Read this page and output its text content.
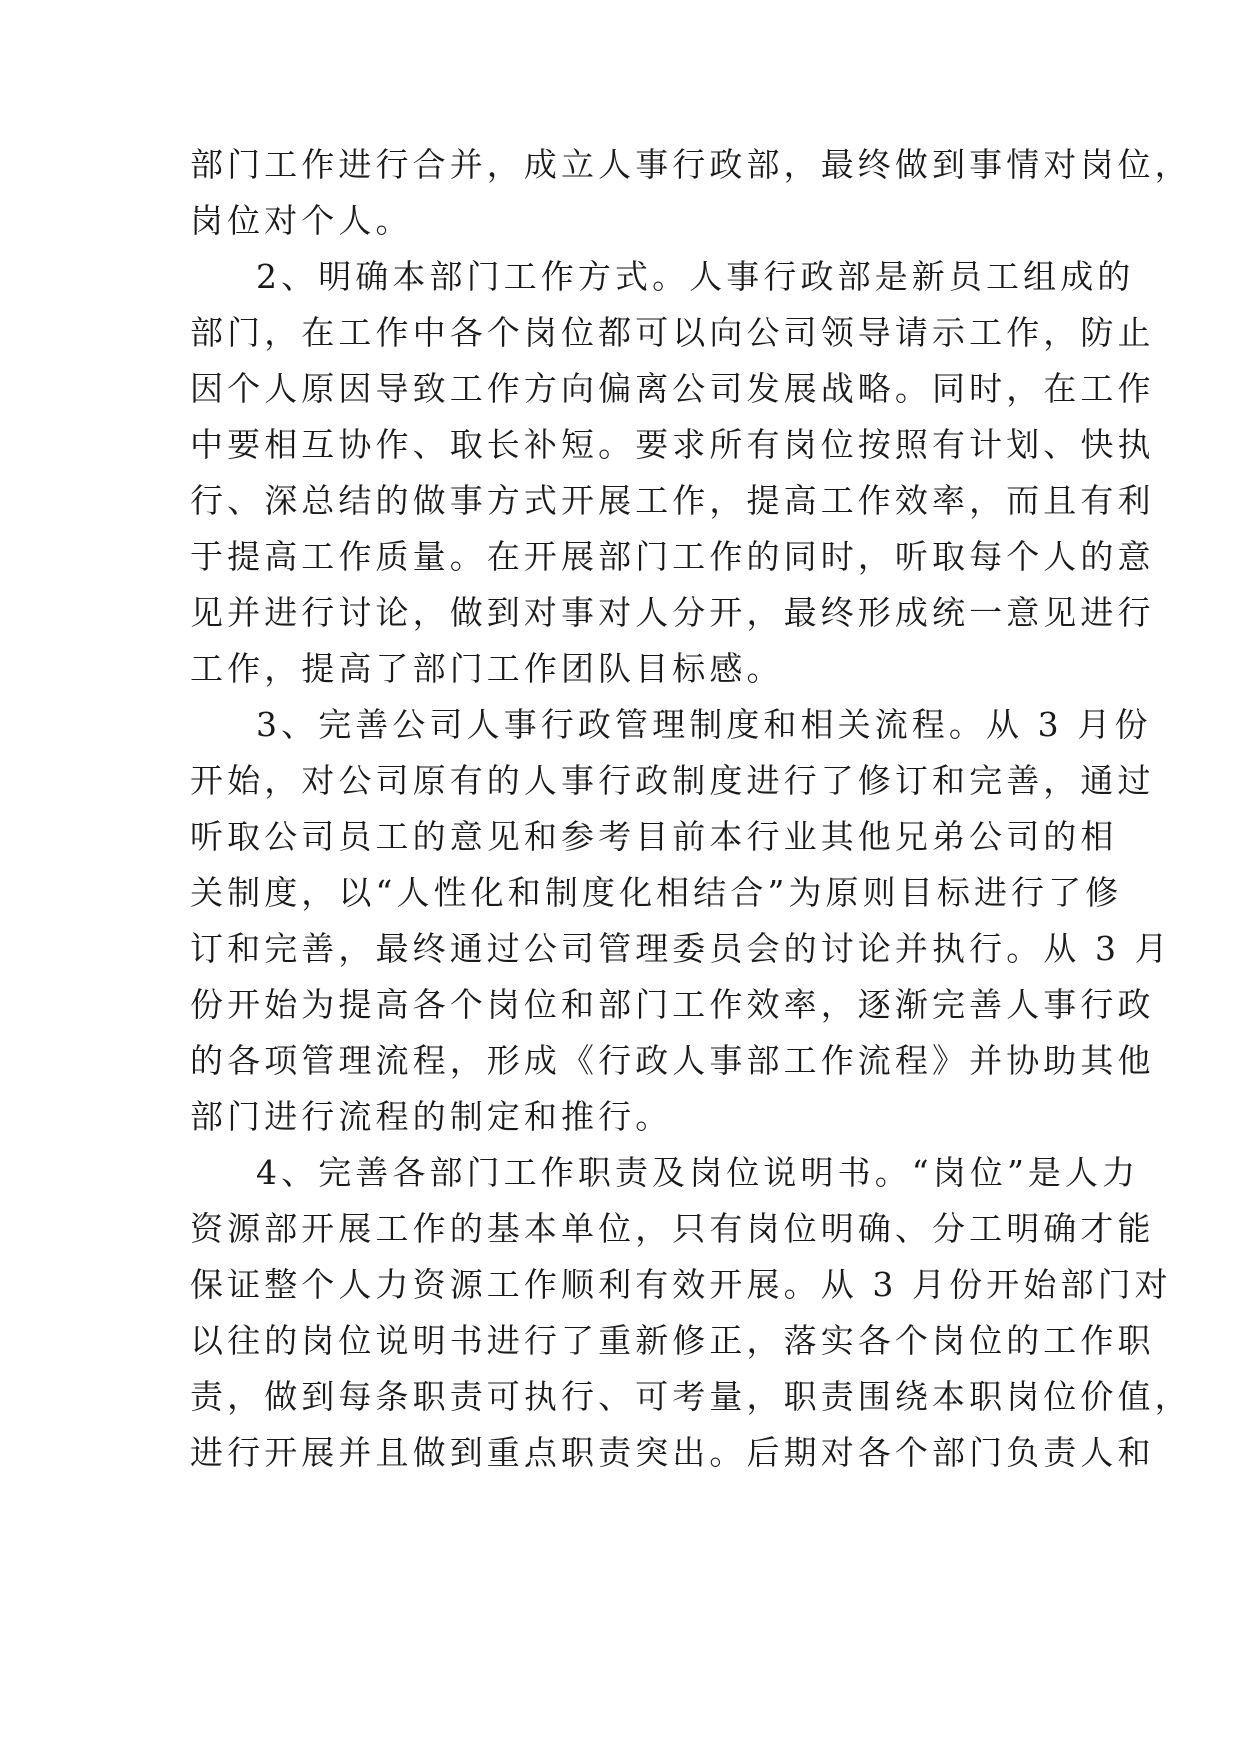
部门工作进行合并，成立人事行政部，最终做到事情对岗位，
岗位对个人。
2、明确本部门工作方式。人事行政部是新员工组成的
部门，在工作中各个岗位都可以向公司领导请示工作，防止
因个人原因导致工作方向偏离公司发展战略。同时，在工作
中要相互协作、取长补短。要求所有岗位按照有计划、快执
行、深总结的做事方式开展工作，提高工作效率，而且有利
于提高工作质量。在开展部门工作的同时，听取每个人的意
见并进行讨论，做到对事对人分开，最终形成统一意见进行
工作，提高了部门工作团队目标感。
3、完善公司人事行政管理制度和相关流程。从 3 月份
开始，对公司原有的人事行政制度进行了修订和完善，通过
听取公司员工的意见和参考目前本行业其他兄弟公司的相
关制度，以“人性化和制度化相结合”为原则目标进行了修
订和完善，最终通过公司管理委员会的讨论并执行。从 3 月
份开始为提高各个岗位和部门工作效率，逐渐完善人事行政
的各项管理流程，形成《行政人事部工作流程》并协助其他
部门进行流程的制定和推行。
4、完善各部门工作职责及岗位说明书。“岗位”是人力
资源部开展工作的基本单位，只有岗位明确、分工明确才能
保证整个人力资源工作顺利有效开展。从 3 月份开始部门对
以往的岗位说明书进行了重新修正，落实各个岗位的工作职
责，做到每条职责可执行、可考量，职责围绕本职岗位价值，
进行开展并且做到重点职责突出。后期对各个部门负责人和
